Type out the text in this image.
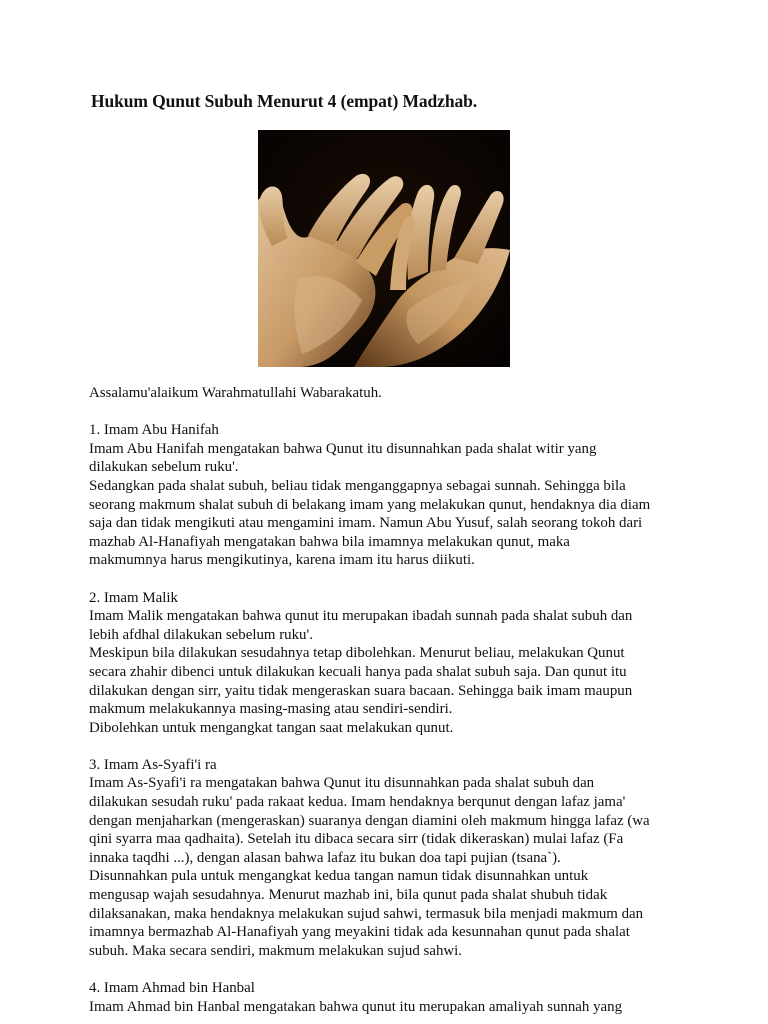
Hukum Qunut Subuh Menurut 4 (empat) Madzhab.
Assalamu'alaikum Warahmatullahi Wabarakatuh.
1. Imam Abu Hanifah
Imam Abu Hanifah mengatakan bahwa Qunut itu disunnahkan pada shalat witir yang
dilakukan sebelum ruku'.
Sedangkan pada shalat subuh, beliau tidak menganggapnya sebagai sunnah. Sehingga bila
seorang makmum shalat subuh di belakang imam yang melakukan qunut, hendaknya dia diam
saja dan tidak mengikuti atau mengamini imam. Namun Abu Yusuf, salah seorang tokoh dari
mazhab Al-Hanafiyah mengatakan bahwa bila imamnya melakukan qunut, maka
makmumnya harus mengikutinya, karena imam itu harus diikuti.
2. Imam Malik
Imam Malik mengatakan bahwa qunut itu merupakan ibadah sunnah pada shalat subuh dan
lebih afdhal dilakukan sebelum ruku'.
Meskipun bila dilakukan sesudahnya tetap dibolehkan. Menurut beliau, melakukan Qunut
secara zhahir dibenci untuk dilakukan kecuali hanya pada shalat subuh saja. Dan qunut itu
dilakukan dengan sirr, yaitu tidak mengeraskan suara bacaan. Sehingga baik imam maupun
makmum melakukannya masing-masing atau sendiri-sendiri.
Dibolehkan untuk mengangkat tangan saat melakukan qunut.
3. Imam As-Syafi'i ra
Imam As-Syafi'i ra mengatakan bahwa Qunut itu disunnahkan pada shalat subuh dan
dilakukan sesudah ruku' pada rakaat kedua. Imam hendaknya berqunut dengan lafaz jama'
dengan menjaharkan (mengeraskan) suaranya dengan diamini oleh makmum hingga lafaz (wa
qini syarra maa qadhaita). Setelah itu dibaca secara sirr (tidak dikeraskan) mulai lafaz (Fa
innaka taqdhi ...), dengan alasan bahwa lafaz itu bukan doa tapi pujian (tsana`).
Disunnahkan pula untuk mengangkat kedua tangan namun tidak disunnahkan untuk
mengusap wajah sesudahnya. Menurut mazhab ini, bila qunut pada shalat shubuh tidak
dilaksanakan, maka hendaknya melakukan sujud sahwi, termasuk bila menjadi makmum dan
imamnya bermazhab Al-Hanafiyah yang meyakini tidak ada kesunnahan qunut pada shalat
subuh. Maka secara sendiri, makmum melakukan sujud sahwi.
4. Imam Ahmad bin Hanbal
Imam Ahmad bin Hanbal mengatakan bahwa qunut itu merupakan amaliyah sunnah yang
